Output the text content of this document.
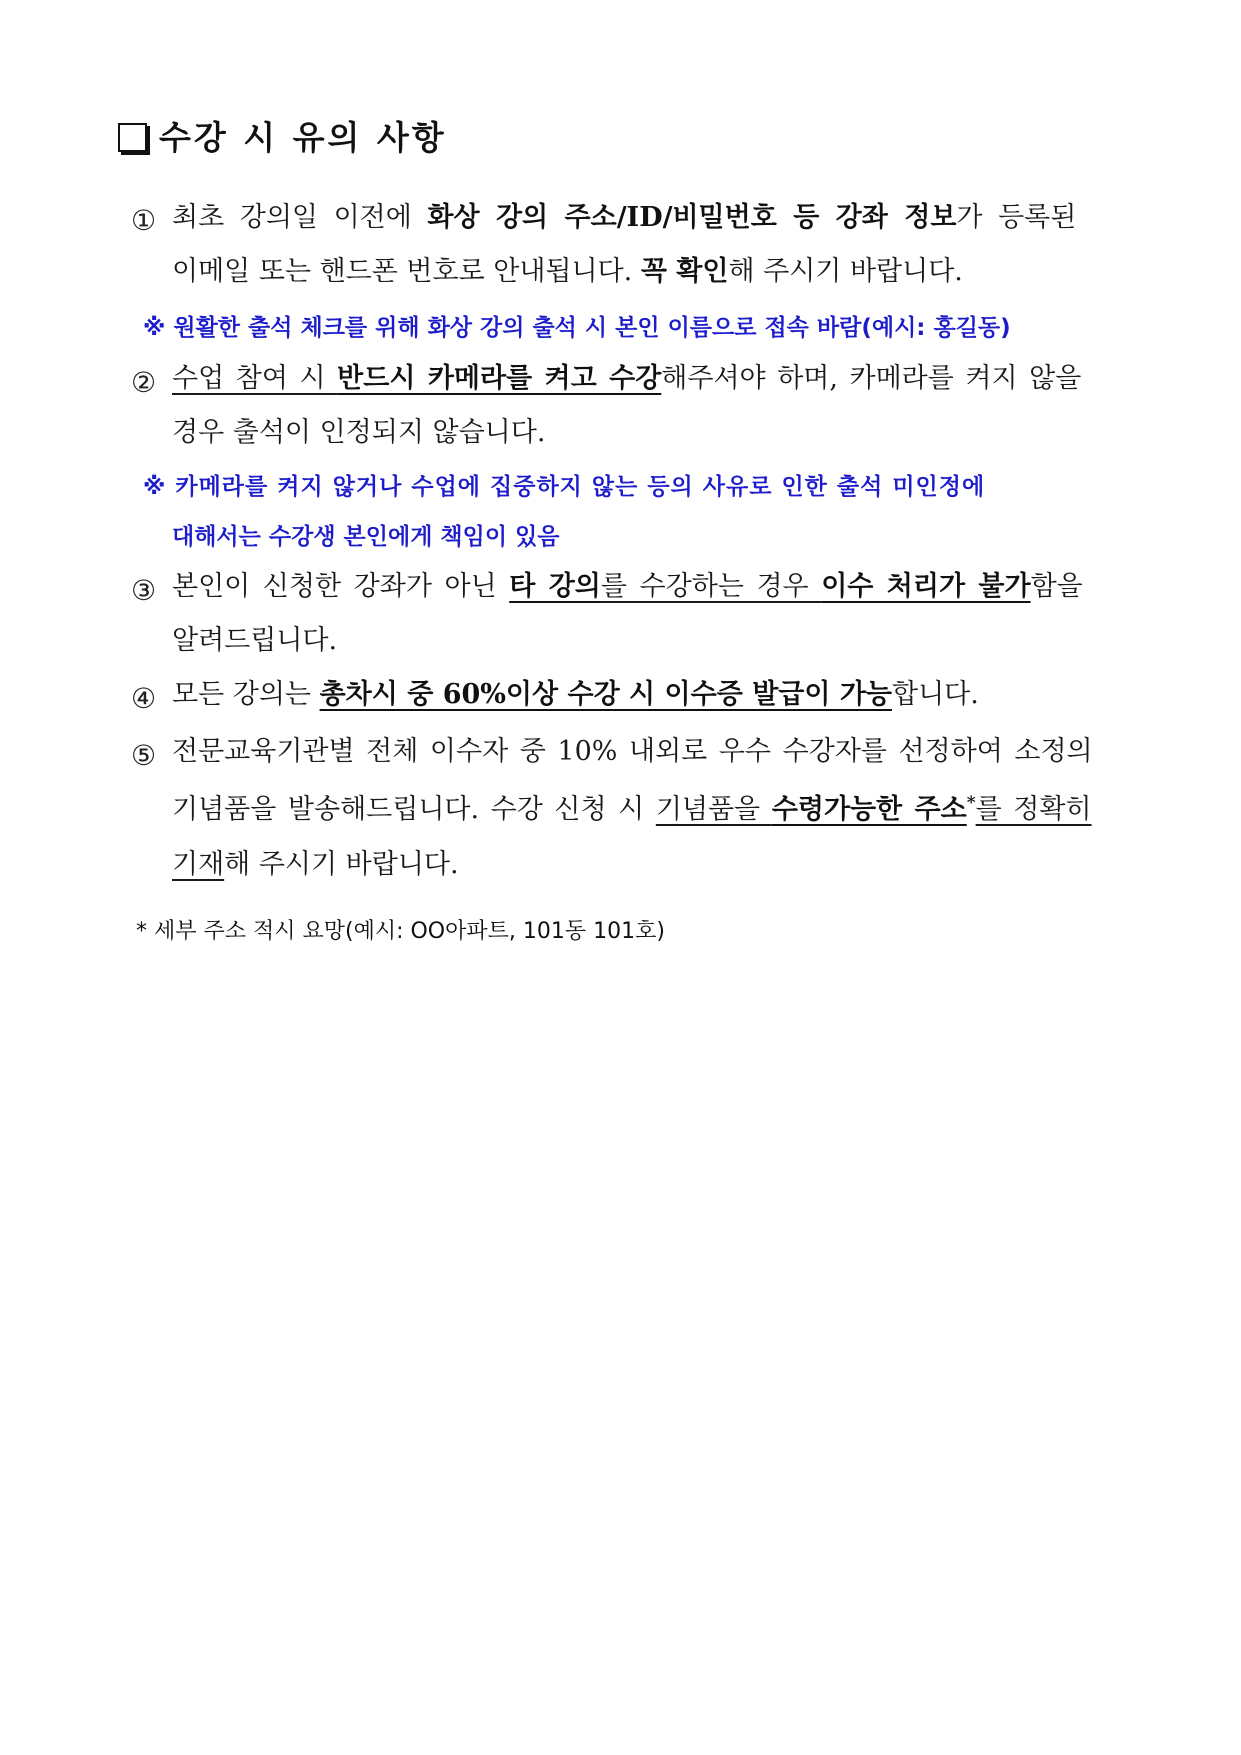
수강 시 유의 사항
① 최초 강의일 이전에 화상 강의 주소/ID/비밀번호 등 강좌 정보가 등록된
이메일 또는 핸드폰 번호로 안내됩니다. 꼭 확인해 주시기 바랍니다.
※ 원활한 출석 체크를 위해 화상 강의 출석 시 본인 이름으로 접속 바람(예시: 홍길동)
② 수업 참여 시 반드시 카메라를 켜고 수강해주셔야 하며, 카메라를 켜지 않을
경우 출석이 인정되지 않습니다.
※ 카메라를 켜지 않거나 수업에 집중하지 않는 등의 사유로 인한 출석 미인정에
대해서는 수강생 본인에게 책임이 있음
③ 본인이 신청한 강좌가 아닌 타 강의를 수강하는 경우 이수 처리가 불가함을
알려드립니다.
④ 모든 강의는 총차시 중 60%이상 수강 시 이수증 발급이 가능합니다.
⑤ 전문교육기관별 전체 이수자 중 10% 내외로 우수 수강자를 선정하여 소정의
기념품을 발송해드립니다. 수강 신청 시 기념품을 수령가능한 주소*를 정확히
기재해 주시기 바랍니다.
* 세부 주소 적시 요망(예시: OO아파트, 101동 101호)
